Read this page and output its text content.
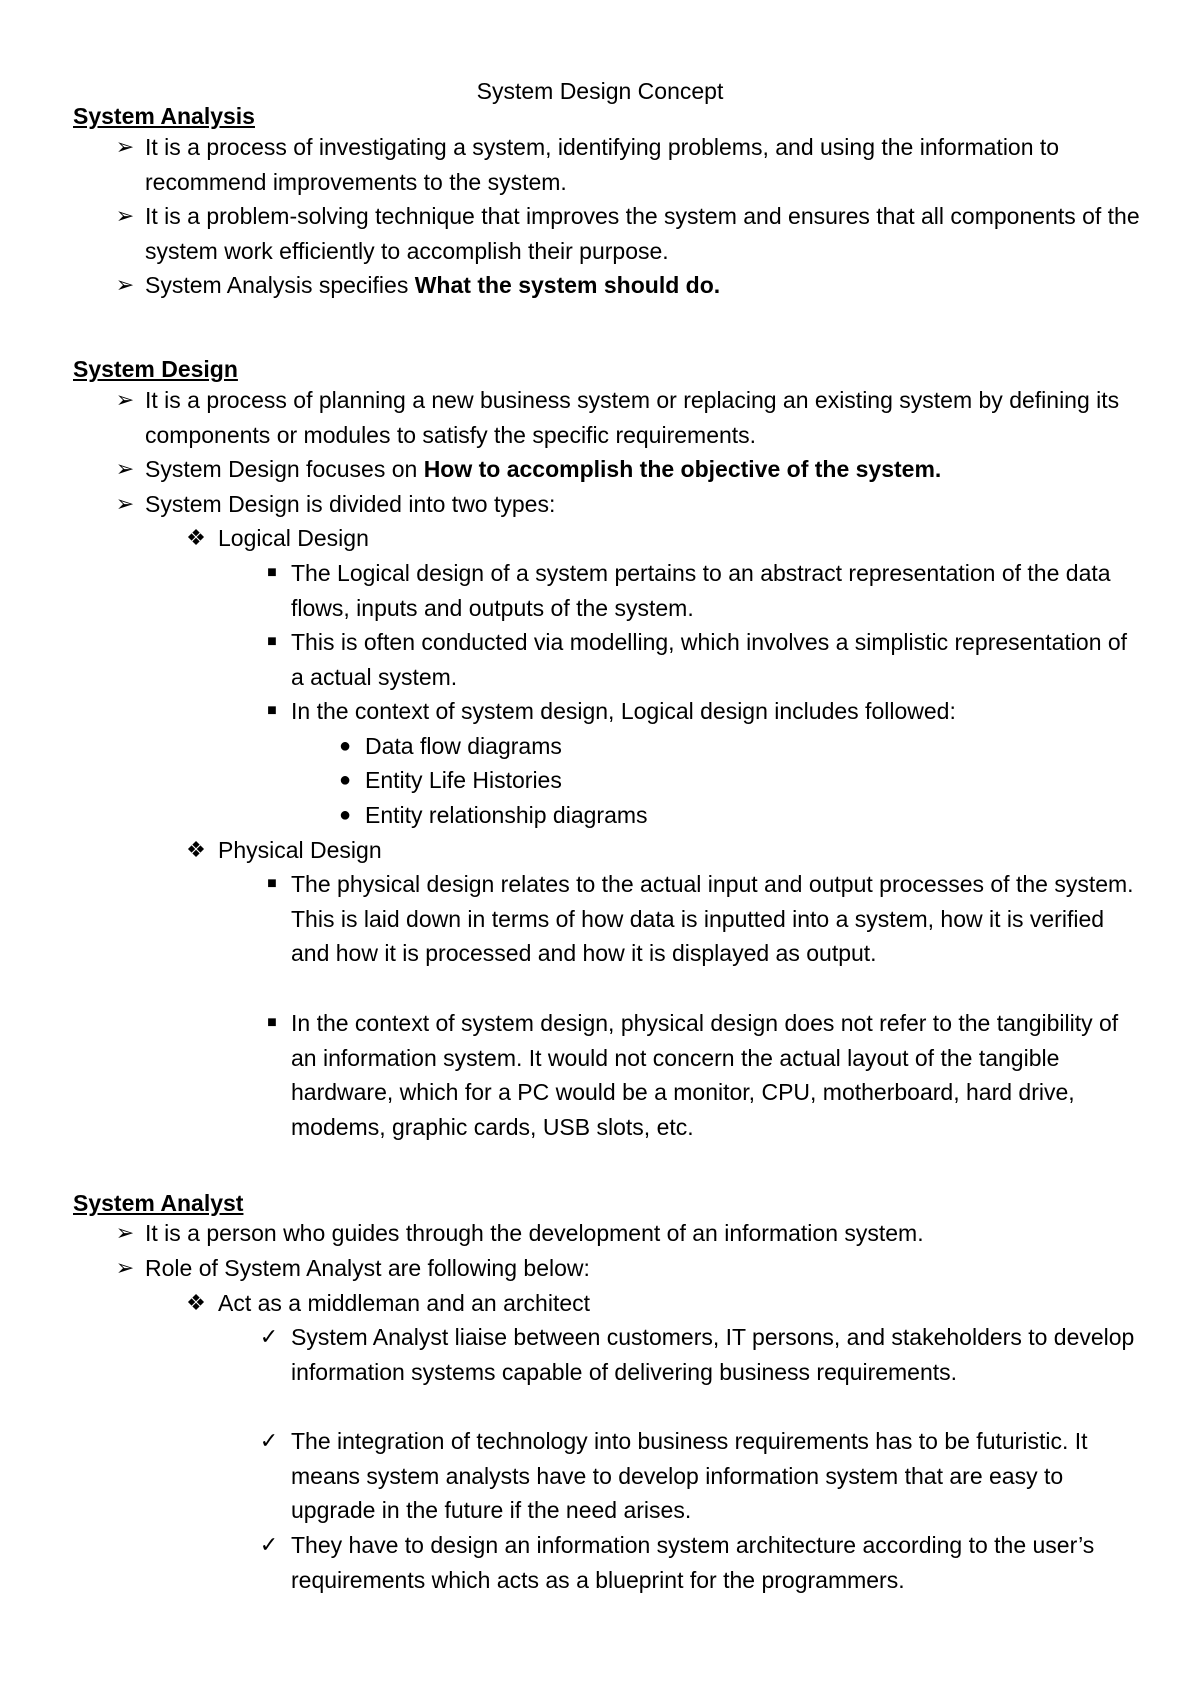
System Design Concept
System Analysis
➢ It is a process of investigating a system, identifying problems, and using the information to recommend improvements to the system.
➢ It is a problem-solving technique that improves the system and ensures that all components of the system work efficiently to accomplish their purpose.
➢ System Analysis specifies What the system should do.
System Design
➢ It is a process of planning a new business system or replacing an existing system by defining its components or modules to satisfy the specific requirements.
➢ System Design focuses on How to accomplish the objective of the system.
➢ System Design is divided into two types:
❖ Logical Design
■ The Logical design of a system pertains to an abstract representation of the data flows, inputs and outputs of the system.
■ This is often conducted via modelling, which involves a simplistic representation of a actual system.
■ In the context of system design, Logical design includes followed:
● Data flow diagrams
● Entity Life Histories
● Entity relationship diagrams
❖ Physical Design
■ The physical design relates to the actual input and output processes of the system. This is laid down in terms of how data is inputted into a system, how it is verified and how it is processed and how it is displayed as output.
■ In the context of system design, physical design does not refer to the tangibility of an information system. It would not concern the actual layout of the tangible hardware, which for a PC would be a monitor, CPU, motherboard, hard drive, modems, graphic cards, USB slots, etc.
System Analyst
➢ It is a person who guides through the development of an information system.
➢ Role of System Analyst are following below:
❖ Act as a middleman and an architect
✓ System Analyst liaise between customers, IT persons, and stakeholders to develop information systems capable of delivering business requirements.
✓ The integration of technology into business requirements has to be futuristic. It means system analysts have to develop information system that are easy to upgrade in the future if the need arises.
✓ They have to design an information system architecture according to the user’s requirements which acts as a blueprint for the programmers.
